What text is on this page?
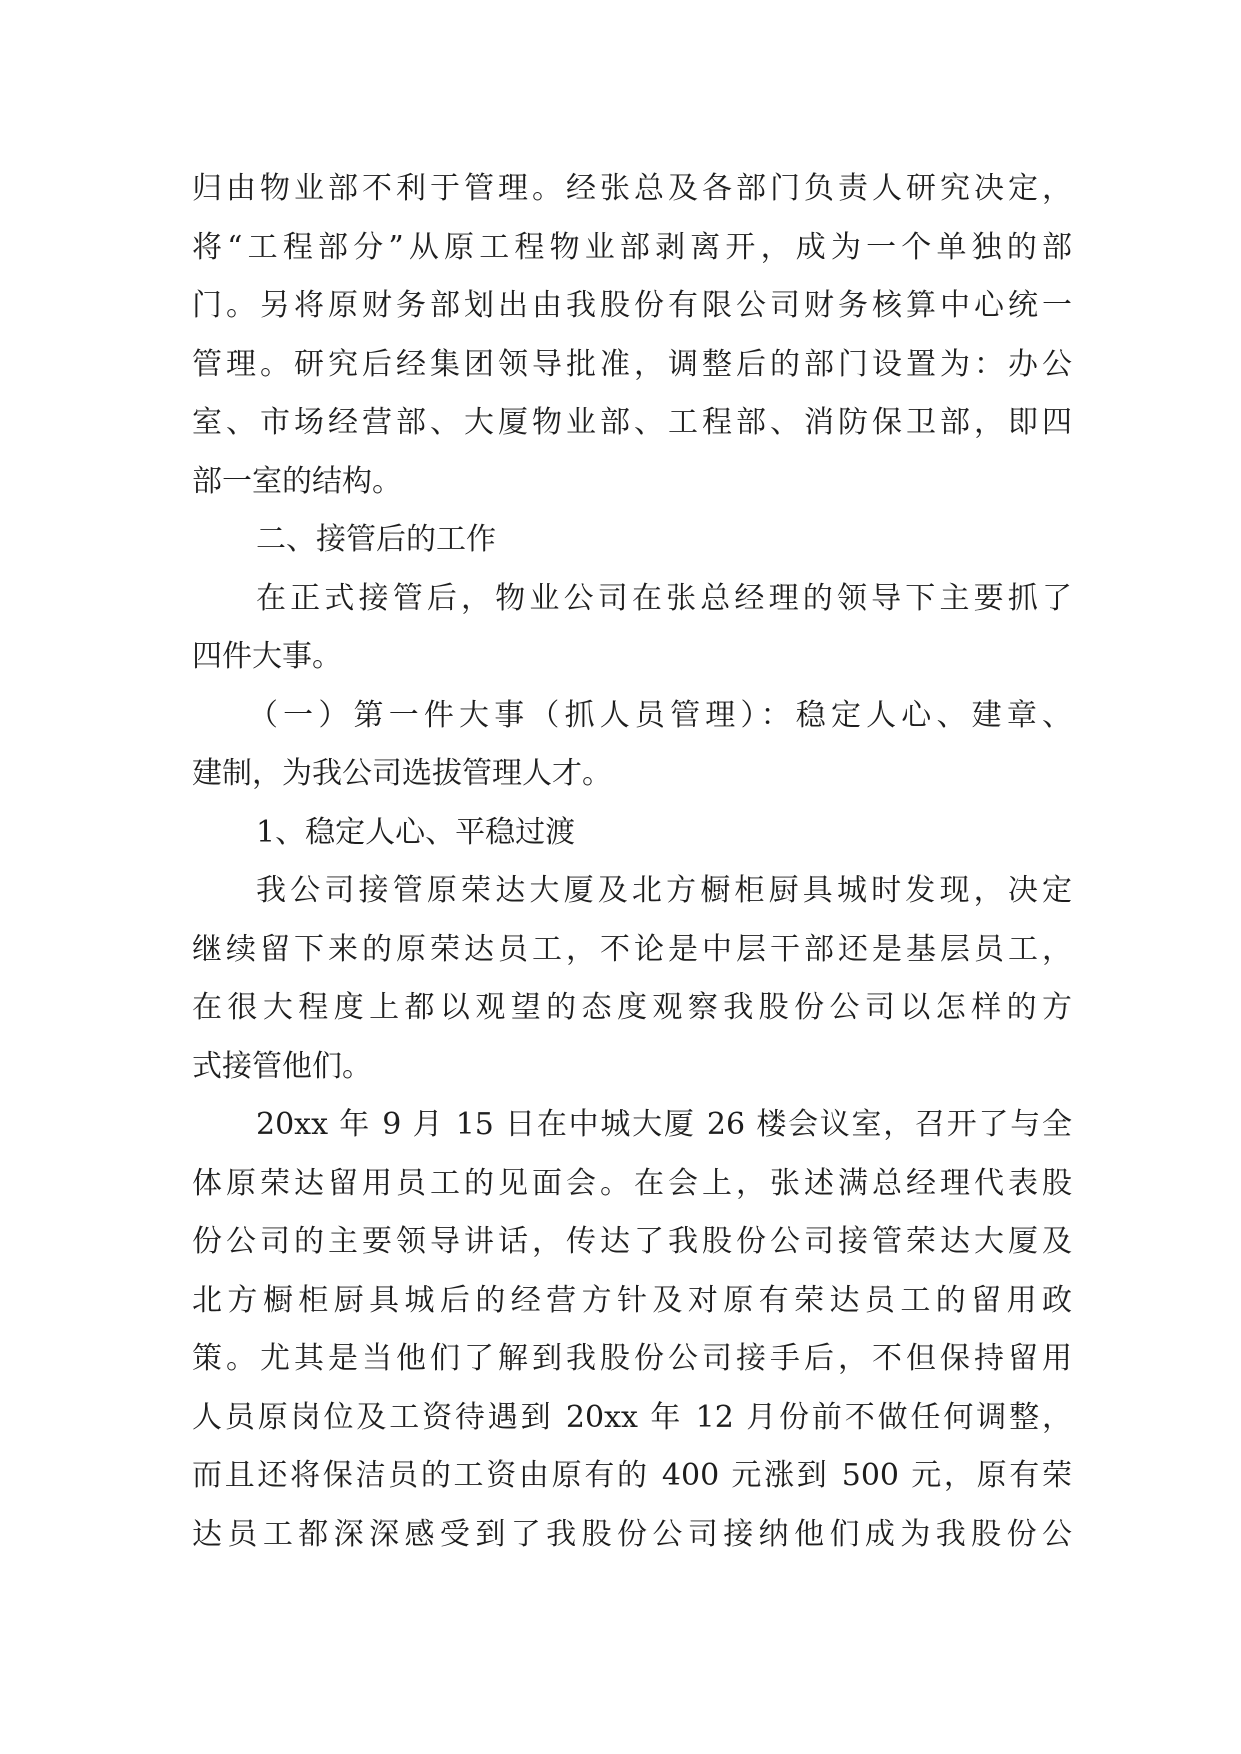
归由物业部不利于管理。经张总及各部门负责人研究决定，
将“工程部分”从原工程物业部剥离开，成为一个单独的部
门。另将原财务部划出由我股份有限公司财务核算中心统一
管理。研究后经集团领导批准，调整后的部门设置为：办公
室、市场经营部、大厦物业部、工程部、消防保卫部，即四
部一室的结构。
二、接管后的工作
在正式接管后，物业公司在张总经理的领导下主要抓了
四件大事。
（一）第一件大事（抓人员管理）：稳定人心、建章、
建制，为我公司选拔管理人才。
1、稳定人心、平稳过渡
我公司接管原荣达大厦及北方橱柜厨具城时发现，决定
继续留下来的原荣达员工，不论是中层干部还是基层员工，
在很大程度上都以观望的态度观察我股份公司以怎样的方
式接管他们。
20xx 年 9 月 15 日在中城大厦 26 楼会议室，召开了与全
体原荣达留用员工的见面会。在会上，张述满总经理代表股
份公司的主要领导讲话，传达了我股份公司接管荣达大厦及
北方橱柜厨具城后的经营方针及对原有荣达员工的留用政
策。尤其是当他们了解到我股份公司接手后，不但保持留用
人员原岗位及工资待遇到 20xx 年 12 月份前不做任何调整，
而且还将保洁员的工资由原有的 400 元涨到 500 元，原有荣
达员工都深深感受到了我股份公司接纳他们成为我股份公
